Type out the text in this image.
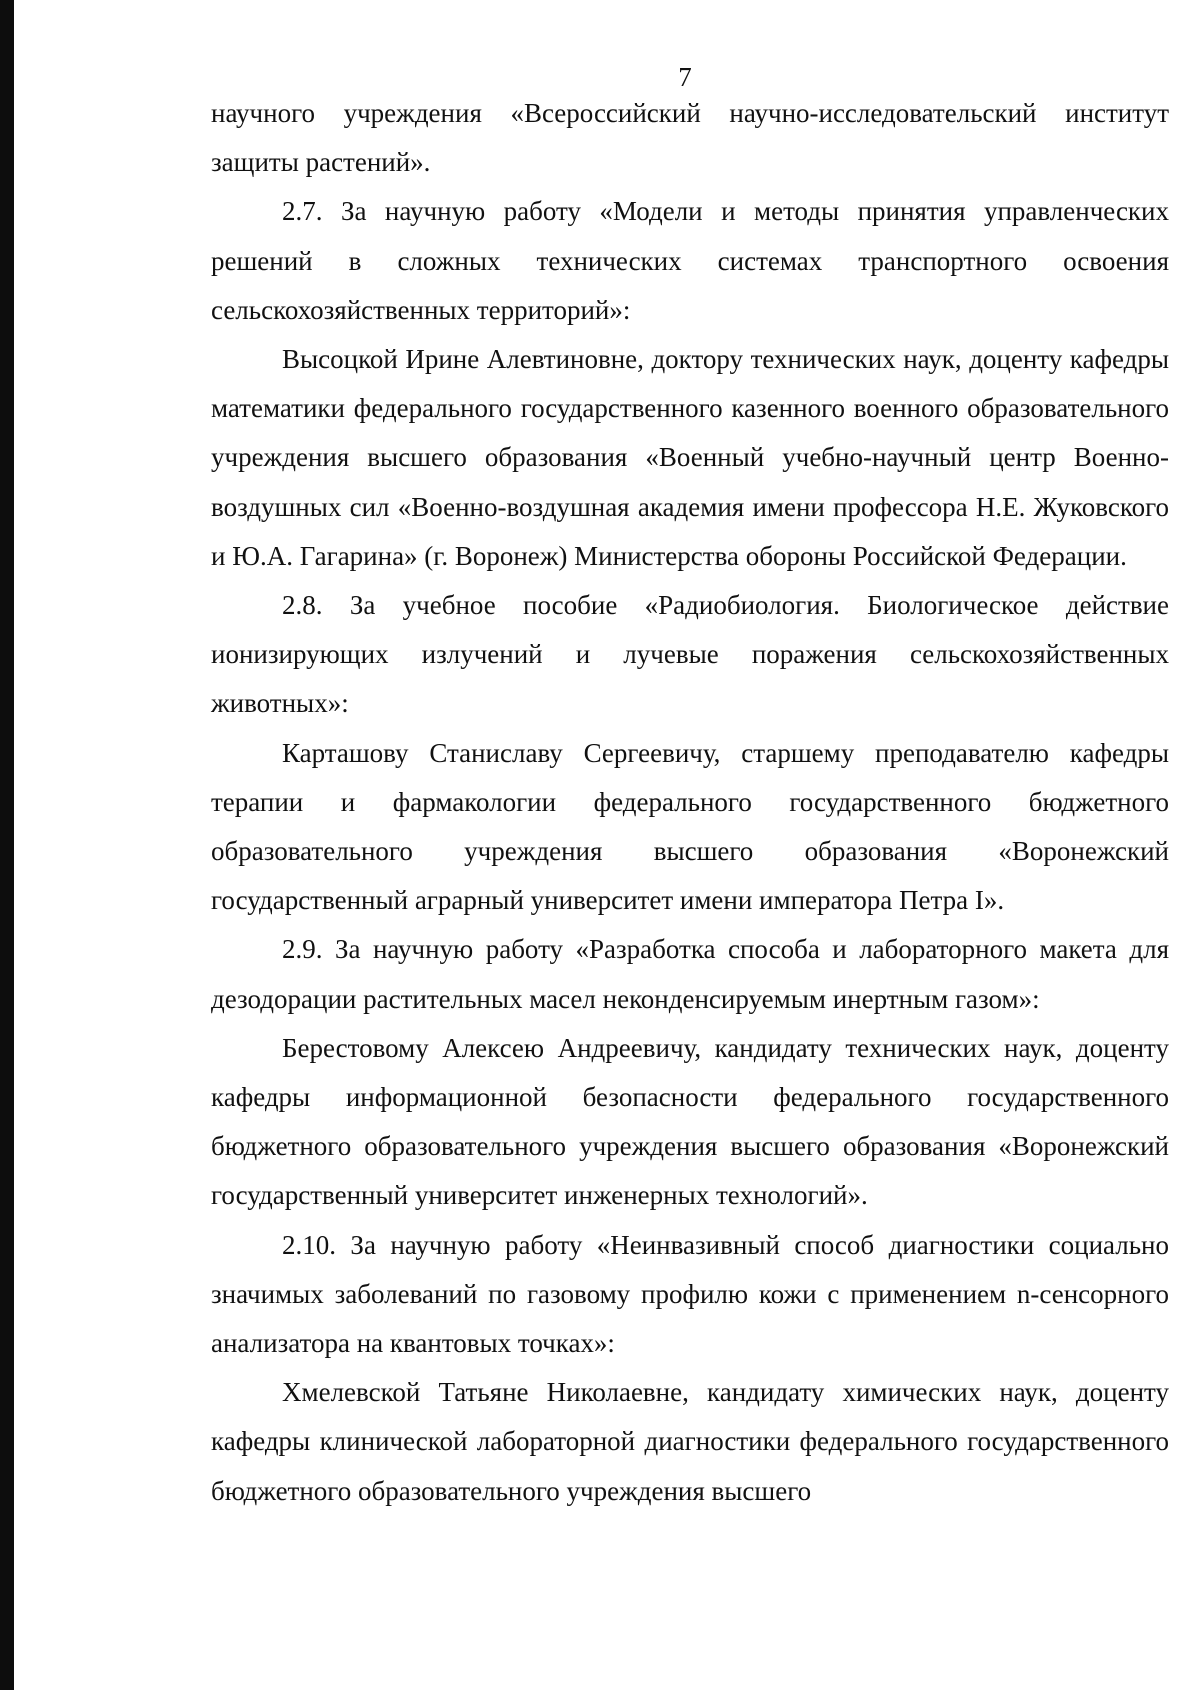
7

научного учреждения «Всероссийский научно-исследовательский институт защиты растений».

2.7. За научную работу «Модели и методы принятия управленческих решений в сложных технических системах транспортного освоения сельскохозяйственных территорий»:

Высоцкой Ирине Алевтиновне, доктору технических наук, доценту кафедры математики федерального государственного казенного военного образовательного учреждения высшего образования «Военный учебно-научный центр Военно-воздушных сил «Военно-воздушная академия имени профессора Н.Е. Жуковского и Ю.А. Гагарина» (г. Воронеж) Министерства обороны Российской Федерации.

2.8. За учебное пособие «Радиобиология. Биологическое действие ионизирующих излучений и лучевые поражения сельскохозяйственных животных»:

Карташову Станиславу Сергеевичу, старшему преподавателю кафедры терапии и фармакологии федерального государственного бюджетного образовательного учреждения высшего образования «Воронежский государственный аграрный университет имени императора Петра I».

2.9. За научную работу «Разработка способа и лабораторного макета для дезодорации растительных масел неконденсируемым инертным газом»:

Берестовому Алексею Андреевичу, кандидату технических наук, доценту кафедры информационной безопасности федерального государственного бюджетного образовательного учреждения высшего образования «Воронежский государственный университет инженерных технологий».

2.10. За научную работу «Неинвазивный способ диагностики социально значимых заболеваний по газовому профилю кожи с применением n-сенсорного анализатора на квантовых точках»:

Хмелевской Татьяне Николаевне, кандидату химических наук, доценту кафедры клинической лабораторной диагностики федерального государственного бюджетного образовательного учреждения высшего
